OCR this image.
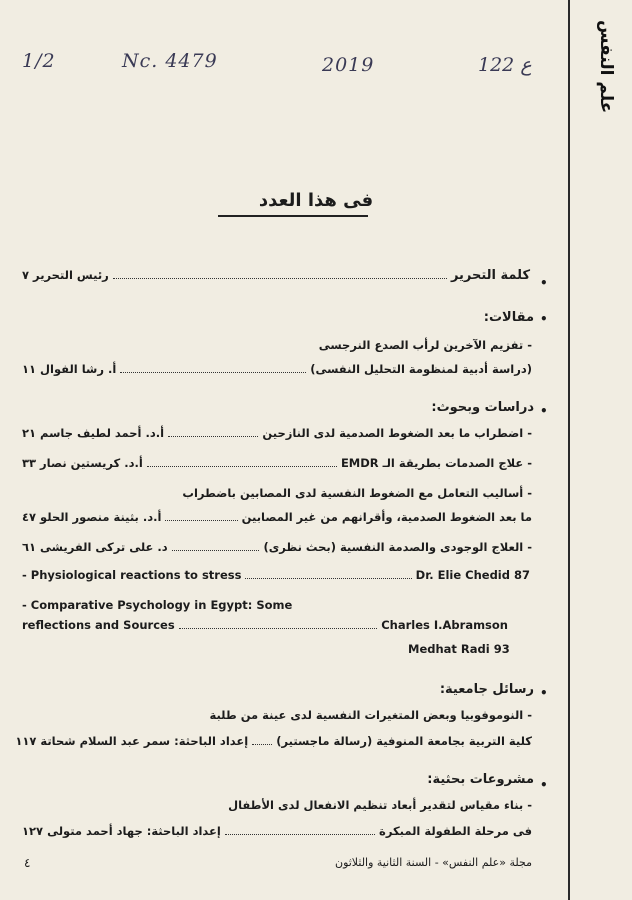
علم النفس
1/2	Nc. 4479	2019	122 ع
فى هذا العدد
•
كلمة التحرير
رئيس التحرير ٧
•
مقالات:
- تفزيم الآخرين لرأب الصدع النرجسى
(دراسة أدبية لمنظومة التحليل النفسى)
أ. رشا الفوال ١١
•
دراسات وبحوث:
- اضطراب ما بعد الضغوط الصدمية لدى النازحين
أ.د. أحمد لطيف جاسم ٢١
- علاج الصدمات بطريقة الـ EMDR
أ.د. كريستين نصار ٣٣
- أساليب التعامل مع الضغوط النفسية لدى المصابين باضطراب
ما بعد الضغوط الصدمية، وأقرانهم من غير المصابين
أ.د. بثينة منصور الحلو ٤٧
- العلاج الوجودى والصدمة النفسية (بحث نظرى)
د. على تركى الفريشى ٦١
- Physiological reactions to stress	Dr. Elie Chedid 87
- Comparative Psychology in Egypt: Some
reflections and Sources	Charles I.Abramson
Medhat Radi 93
•
رسائل جامعية:
- النوموفوبيا وبعض المتغيرات النفسية لدى عينة من طلبة
كلية التربية بجامعة المنوفية (رسالة ماجستير)
إعداد الباحثة: سمر عبد السلام شحاتة ١١٧
•
مشروعات بحثية:
- بناء مقياس لتقدير أبعاد تنظيم الانفعال لدى الأطفال
فى مرحلة الطفولة المبكرة
إعداد الباحثة: جهاد أحمد متولى ١٢٧
مجلة «علم النفس» - السنة الثانية والثلاثون
٤
